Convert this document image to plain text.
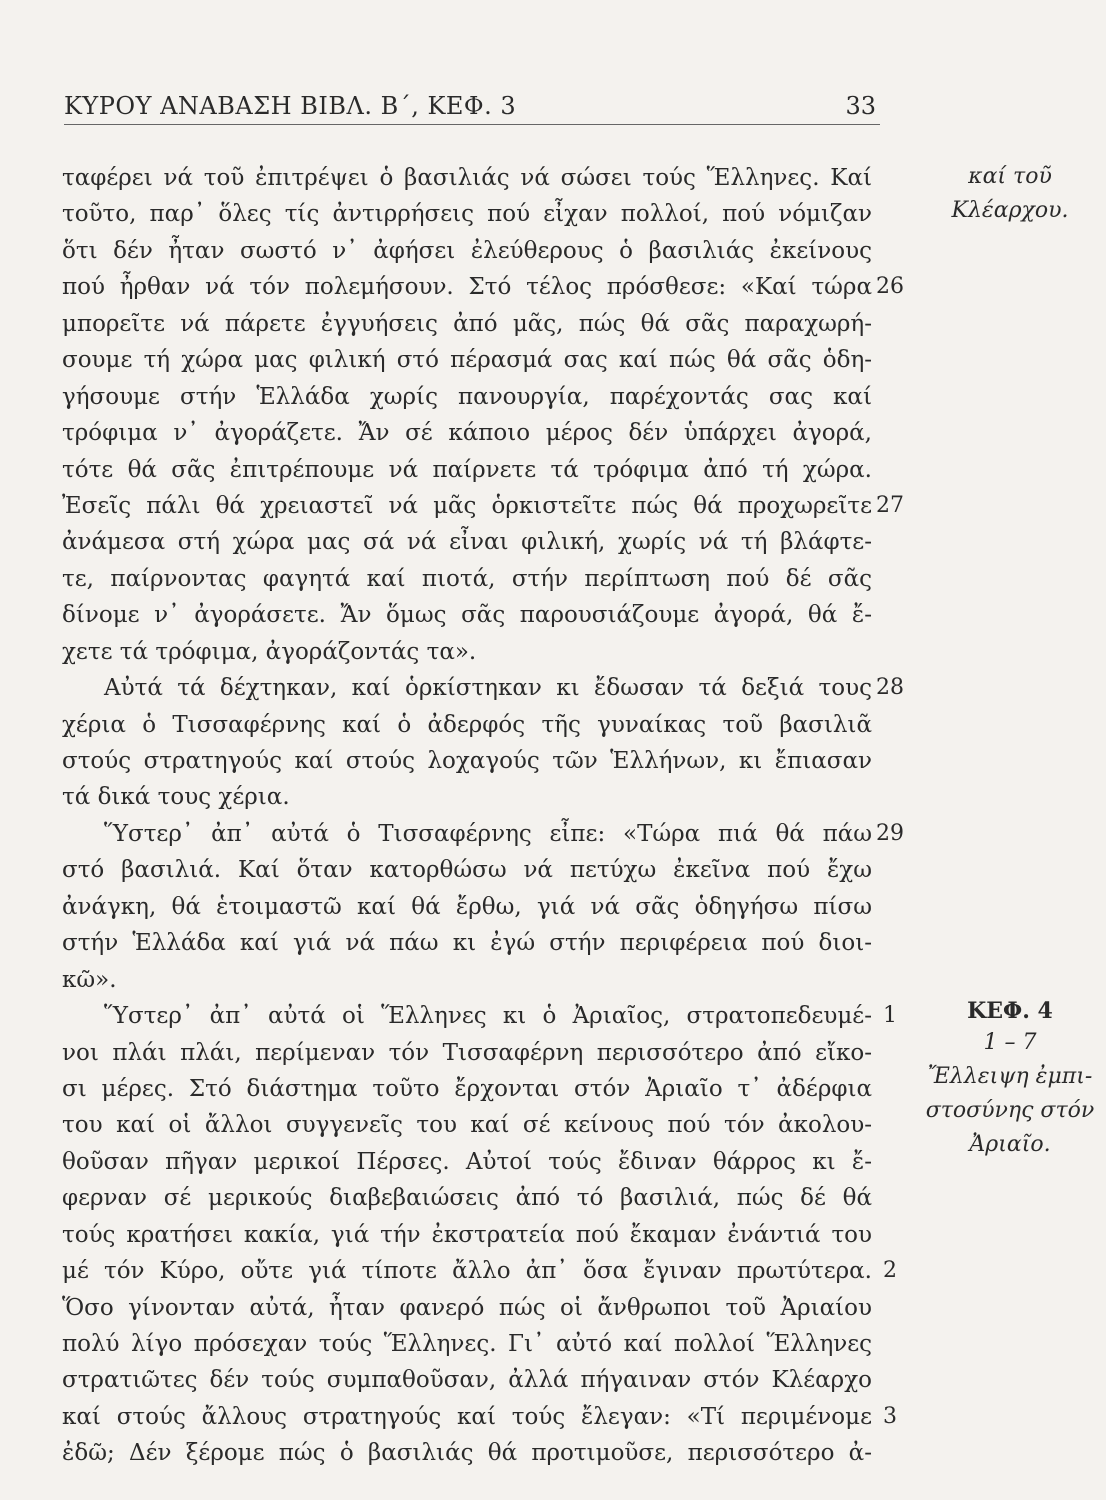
ΚΥΡΟΥ ΑΝΑΒΑΣΗ ΒΙΒΛ. Β΄, ΚΕΦ. 3	33
ταφέρει νά τοῦ ἐπιτρέψει ὁ βασιλιάς νά σώσει τούς Ἕλληνες. Καί
τοῦτο, παρ᾽ ὅλες τίς ἀντιρρήσεις πού εἶχαν πολλοί, πού νόμιζαν
ὅτι δέν ἦταν σωστό ν᾽ ἀφήσει ἐλεύθερους ὁ βασιλιάς ἐκείνους
πού ἦρθαν νά τόν πολεμήσουν. Στό τέλος πρόσθεσε: «Καί τώρα
μπορεῖτε νά πάρετε ἐγγυήσεις ἀπό μᾶς, πώς θά σᾶς παραχωρή-
σουμε τή χώρα μας φιλική στό πέρασμά σας καί πώς θά σᾶς ὁδη-
γήσουμε στήν Ἑλλάδα χωρίς πανουργία, παρέχοντάς σας καί
τρόφιμα ν᾽ ἀγοράζετε. Ἄν σέ κάποιο μέρος δέν ὑπάρχει ἀγορά,
τότε θά σᾶς ἐπιτρέπουμε νά παίρνετε τά τρόφιμα ἀπό τή χώρα.
Ἐσεῖς πάλι θά χρειαστεῖ νά μᾶς ὁρκιστεῖτε πώς θά προχωρεῖτε
ἀνάμεσα στή χώρα μας σά νά εἶναι φιλική, χωρίς νά τή βλάφτε-
τε, παίρνοντας φαγητά καί πιοτά, στήν περίπτωση πού δέ σᾶς
δίνομε ν᾽ ἀγοράσετε. Ἄν ὅμως σᾶς παρουσιάζουμε ἀγορά, θά ἔ-
χετε τά τρόφιμα, ἀγοράζοντάς τα».
Αὐτά τά δέχτηκαν, καί ὁρκίστηκαν κι ἔδωσαν τά δεξιά τους
χέρια ὁ Τισσαφέρνης καί ὁ ἀδερφός τῆς γυναίκας τοῦ βασιλιᾶ
στούς στρατηγούς καί στούς λοχαγούς τῶν Ἑλλήνων, κι ἔπιασαν
τά δικά τους χέρια.
Ὕστερ᾽ ἀπ᾽ αὐτά ὁ Τισσαφέρνης εἶπε: «Τώρα πιά θά πάω
στό βασιλιά. Καί ὅταν κατορθώσω νά πετύχω ἐκεῖνα πού ἔχω
ἀνάγκη, θά ἑτοιμαστῶ καί θά ἔρθω, γιά νά σᾶς ὁδηγήσω πίσω
στήν Ἑλλάδα καί γιά νά πάω κι ἐγώ στήν περιφέρεια πού διοι-
κῶ».
Ὕστερ᾽ ἀπ᾽ αὐτά οἱ Ἕλληνες κι ὁ Ἀριαῖος, στρατοπεδευμέ-
νοι πλάι πλάι, περίμεναν τόν Τισσαφέρνη περισσότερο ἀπό εἴκο-
σι μέρες. Στό διάστημα τοῦτο ἔρχονται στόν Ἀριαῖο τ᾽ ἀδέρφια
του καί οἱ ἄλλοι συγγενεῖς του καί σέ κείνους πού τόν ἀκολου-
θοῦσαν πῆγαν μερικοί Πέρσες. Αὐτοί τούς ἔδιναν θάρρος κι ἔ-
φερναν σέ μερικούς διαβεβαιώσεις ἀπό τό βασιλιά, πώς δέ θά
τούς κρατήσει κακία, γιά τήν ἐκστρατεία πού ἔκαμαν ἐνάντιά του
μέ τόν Κύρο, οὔτε γιά τίποτε ἄλλο ἀπ᾽ ὅσα ἔγιναν πρωτύτερα.
Ὅσο γίνονταν αὐτά, ἦταν φανερό πώς οἱ ἄνθρωποι τοῦ Ἀριαίου
πολύ λίγο πρόσεχαν τούς Ἕλληνες. Γι᾽ αὐτό καί πολλοί Ἕλληνες
στρατιῶτες δέν τούς συμπαθοῦσαν, ἀλλά πήγαιναν στόν Κλέαρχο
καί στούς ἄλλους στρατηγούς καί τούς ἔλεγαν: «Τί περιμένομε
ἐδῶ; Δέν ξέρομε πώς ὁ βασιλιάς θά προτιμοῦσε, περισσότερο ἀ-
26
27
28
29
1
2
3
καί τοῦ
Κλέαρχου.
ΚΕΦ. 4
1 – 7
Ἔλλειψη ἐμπι-
στοσύνης στόν
Ἀριαῖο.
